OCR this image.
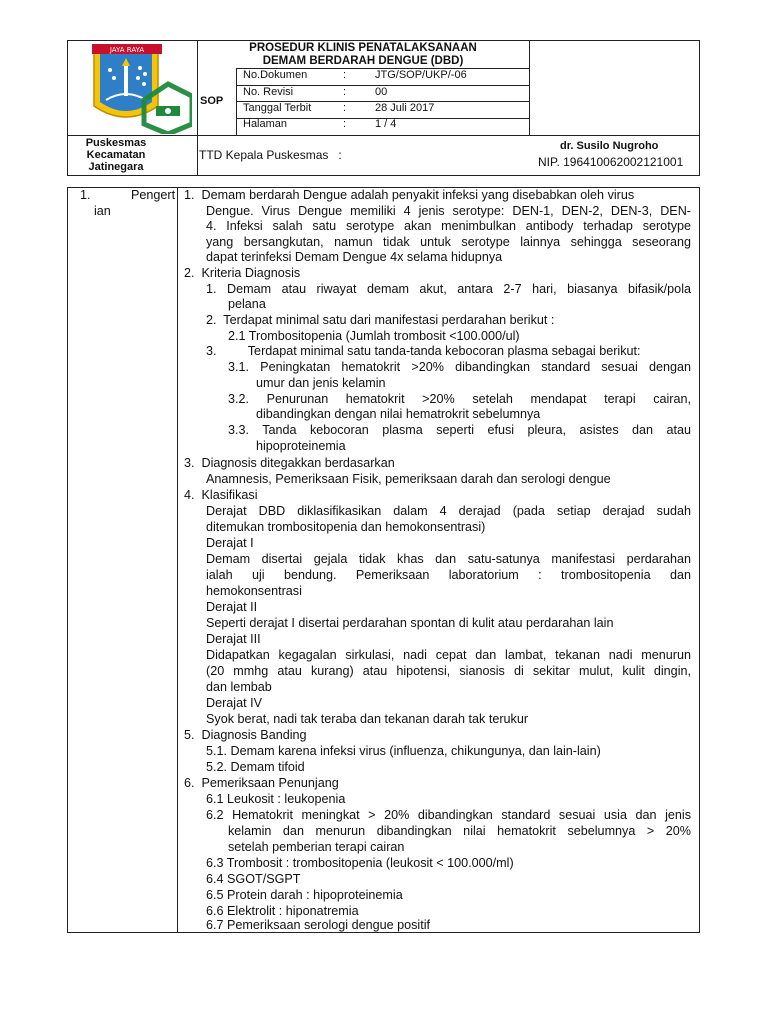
JAYA RAYA
Puskesmas
Kecamatan
Jatinegara
SOP
PROSEDUR KLINIS PENATALAKSANAAN
DEMAM BERDARAH DENGUE (DBD)
No.Dokumen	:	JTG/SOP/UKP/-06
No. Revisi	:	00
Tanggal Terbit	:	28 Juli 2017
Halaman	:	1 / 4
TTD Kepala Puskesmas   :
dr. Susilo Nugroho
NIP. 196410062002121001
1.	Pengert
ian
1.  Demam berdarah Dengue adalah penyakit infeksi yang disebabkan oleh virus
Dengue. Virus Dengue memiliki 4 jenis serotype: DEN-1, DEN-2, DEN-3, DEN-
4. Infeksi salah satu serotype akan menimbulkan antibody terhadap serotype
yang bersangkutan, namun tidak untuk serotype lainnya sehingga seseorang
dapat terinfeksi Demam Dengue 4x selama hidupnya
2.  Kriteria Diagnosis
1. Demam atau riwayat demam akut, antara 2-7 hari, biasanya bifasik/pola
pelana
2.  Terdapat minimal satu dari manifestasi perdarahan berikut :
2.1 Trombositopenia (Jumlah trombosit <100.000/ul)
3.         Terdapat minimal satu tanda-tanda kebocoran plasma sebagai berikut:
3.1. Peningkatan hematokrit >20% dibandingkan standard sesuai dengan
umur dan jenis kelamin
3.2. Penurunan hematokrit >20% setelah mendapat terapi cairan,
dibandingkan dengan nilai hematrokrit sebelumnya
3.3. Tanda kebocoran plasma seperti efusi pleura, asistes dan atau
hipoproteinemia
3.  Diagnosis ditegakkan berdasarkan
Anamnesis, Pemeriksaan Fisik, pemeriksaan darah dan serologi dengue
4.  Klasifikasi
Derajat DBD diklasifikasikan dalam 4 derajad (pada setiap derajad sudah
ditemukan trombositopenia dan hemokonsentrasi)
Derajat I
Demam disertai gejala tidak khas dan satu-satunya manifestasi perdarahan
ialah uji bendung. Pemeriksaan laboratorium : trombositopenia dan
hemokonsentrasi
Derajat II
Seperti derajat I disertai perdarahan spontan di kulit atau perdarahan lain
Derajat III
Didapatkan kegagalan sirkulasi, nadi cepat dan lambat, tekanan nadi menurun
(20 mmhg atau kurang) atau hipotensi, sianosis di sekitar mulut, kulit dingin,
dan lembab
Derajat IV
Syok berat, nadi tak teraba dan tekanan darah tak terukur
5.  Diagnosis Banding
5.1. Demam karena infeksi virus (influenza, chikungunya, dan lain-lain)
5.2. Demam tifoid
6.  Pemeriksaan Penunjang
6.1 Leukosit : leukopenia
6.2 Hematokrit meningkat > 20% dibandingkan standard sesuai usia dan jenis
kelamin dan menurun dibandingkan nilai hematokrit sebelumnya > 20%
setelah pemberian terapi cairan
6.3 Trombosit : trombositopenia (leukosit < 100.000/ml)
6.4 SGOT/SGPT
6.5 Protein darah : hipoproteinemia
6.6 Elektrolit : hiponatremia
6.7 Pemeriksaan serologi dengue positif
